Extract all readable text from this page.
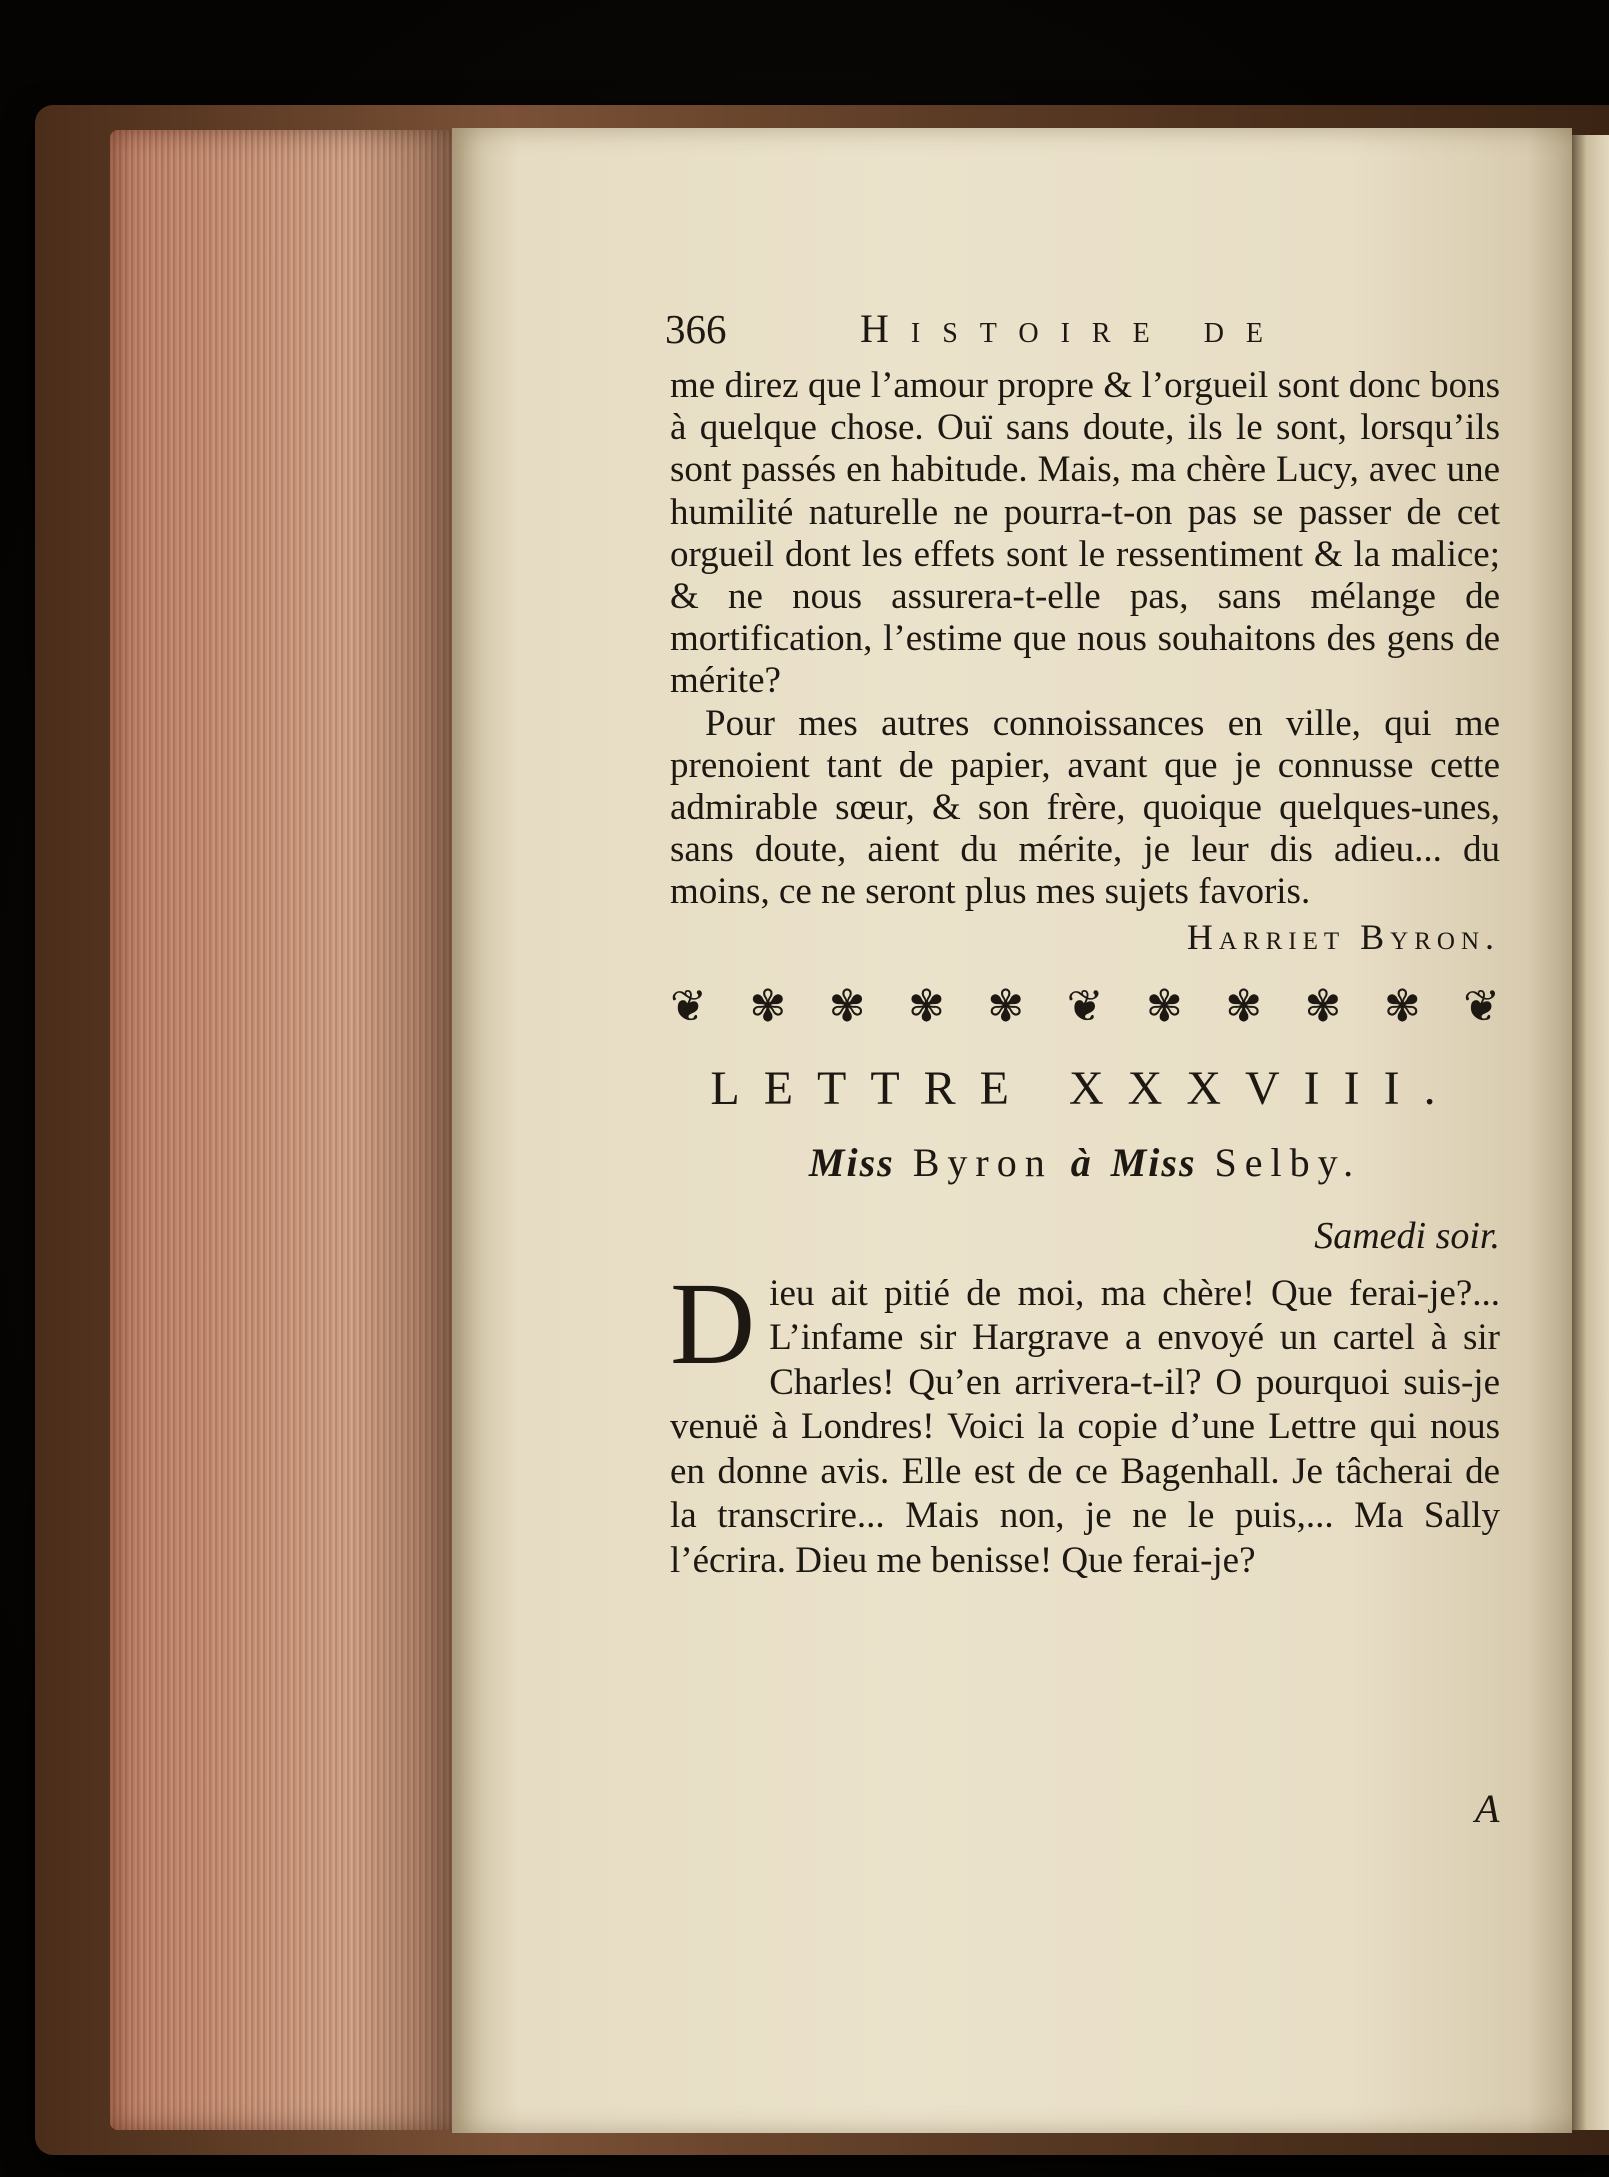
366	Histoire de

me direz que l’amour propre & l’orgueil sont donc bons à quelque chose. Ouï sans doute, ils le sont, lorsqu’ils sont passés en habitude. Mais, ma chère Lucy, avec une humilité naturelle ne pourra-t-on pas se passer de cet orgueil dont les effets sont le ressentiment & la malice; & ne nous assurera-t-elle pas, sans mélange de mortification, l’estime que nous souhaitons des gens de mérite?

Pour mes autres connoissances en ville, qui me prenoient tant de papier, avant que je connusse cette admirable sœur, & son frère, quoique quelques-unes, sans doute, aient du mérite, je leur dis adieu... du moins, ce ne seront plus mes sujets favoris.

Harriet Byron.
❦ ✾ ✾ ✾ ✾ ❦ ✾ ✾ ✾ ✾ ❦
LETTRE XXXVIII.
Miss Byron à Miss Selby.
Samedi soir.
D ieu ait pitié de moi, ma chère! Que ferai-je?... L’infame sir Hargrave a envoyé un cartel à sir Charles! Qu’en arrivera-t-il? O pourquoi suis-je venuë à Londres! Voici la copie d’une Lettre qui nous en donne avis. Elle est de ce Bagenhall. Je tâcherai de la transcrire... Mais non, je ne le puis,... Ma Sally l’écrira. Dieu me benisse! Que ferai-je?
A
